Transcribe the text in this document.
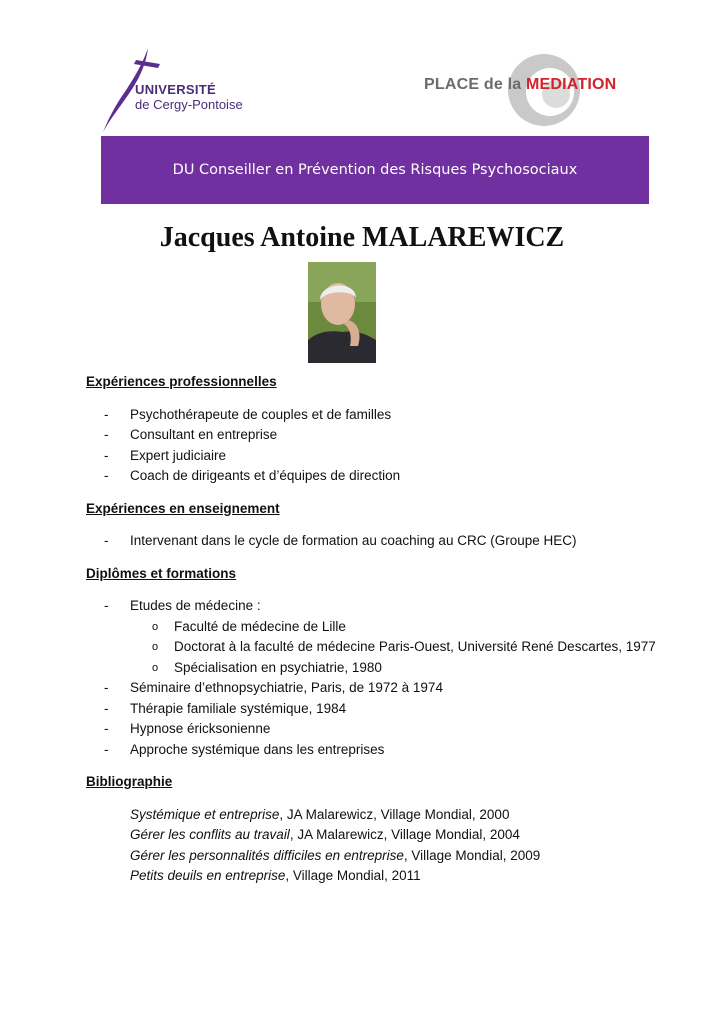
UNIVERSITÉ
de Cergy-Pontoise
PLACE de la MEDIATION
DU Conseiller en Prévention des Risques Psychosociaux
Jacques Antoine MALAREWICZ

Expériences professionnelles

- Psychothérapeute de couples et de familles
- Consultant en entreprise
- Expert judiciaire
- Coach de dirigeants et d’équipes de direction

Expériences en enseignement

- Intervenant dans le cycle de formation au coaching au CRC (Groupe HEC)

Diplômes et formations

- Etudes de médecine :
o Faculté de médecine de Lille
o Doctorat à la faculté de médecine Paris-Ouest, Université René Descartes, 1977
o Spécialisation en psychiatrie, 1980
- Séminaire d’ethnopsychiatrie, Paris, de 1972 à 1974
- Thérapie familiale systémique, 1984
- Hypnose éricksonienne
- Approche systémique dans les entreprises

Bibliographie

Systémique et entreprise, JA Malarewicz, Village Mondial, 2000
Gérer les conflits au travail, JA Malarewicz, Village Mondial, 2004
Gérer les personnalités difficiles en entreprise, Village Mondial, 2009
Petits deuils en entreprise, Village Mondial, 2011
